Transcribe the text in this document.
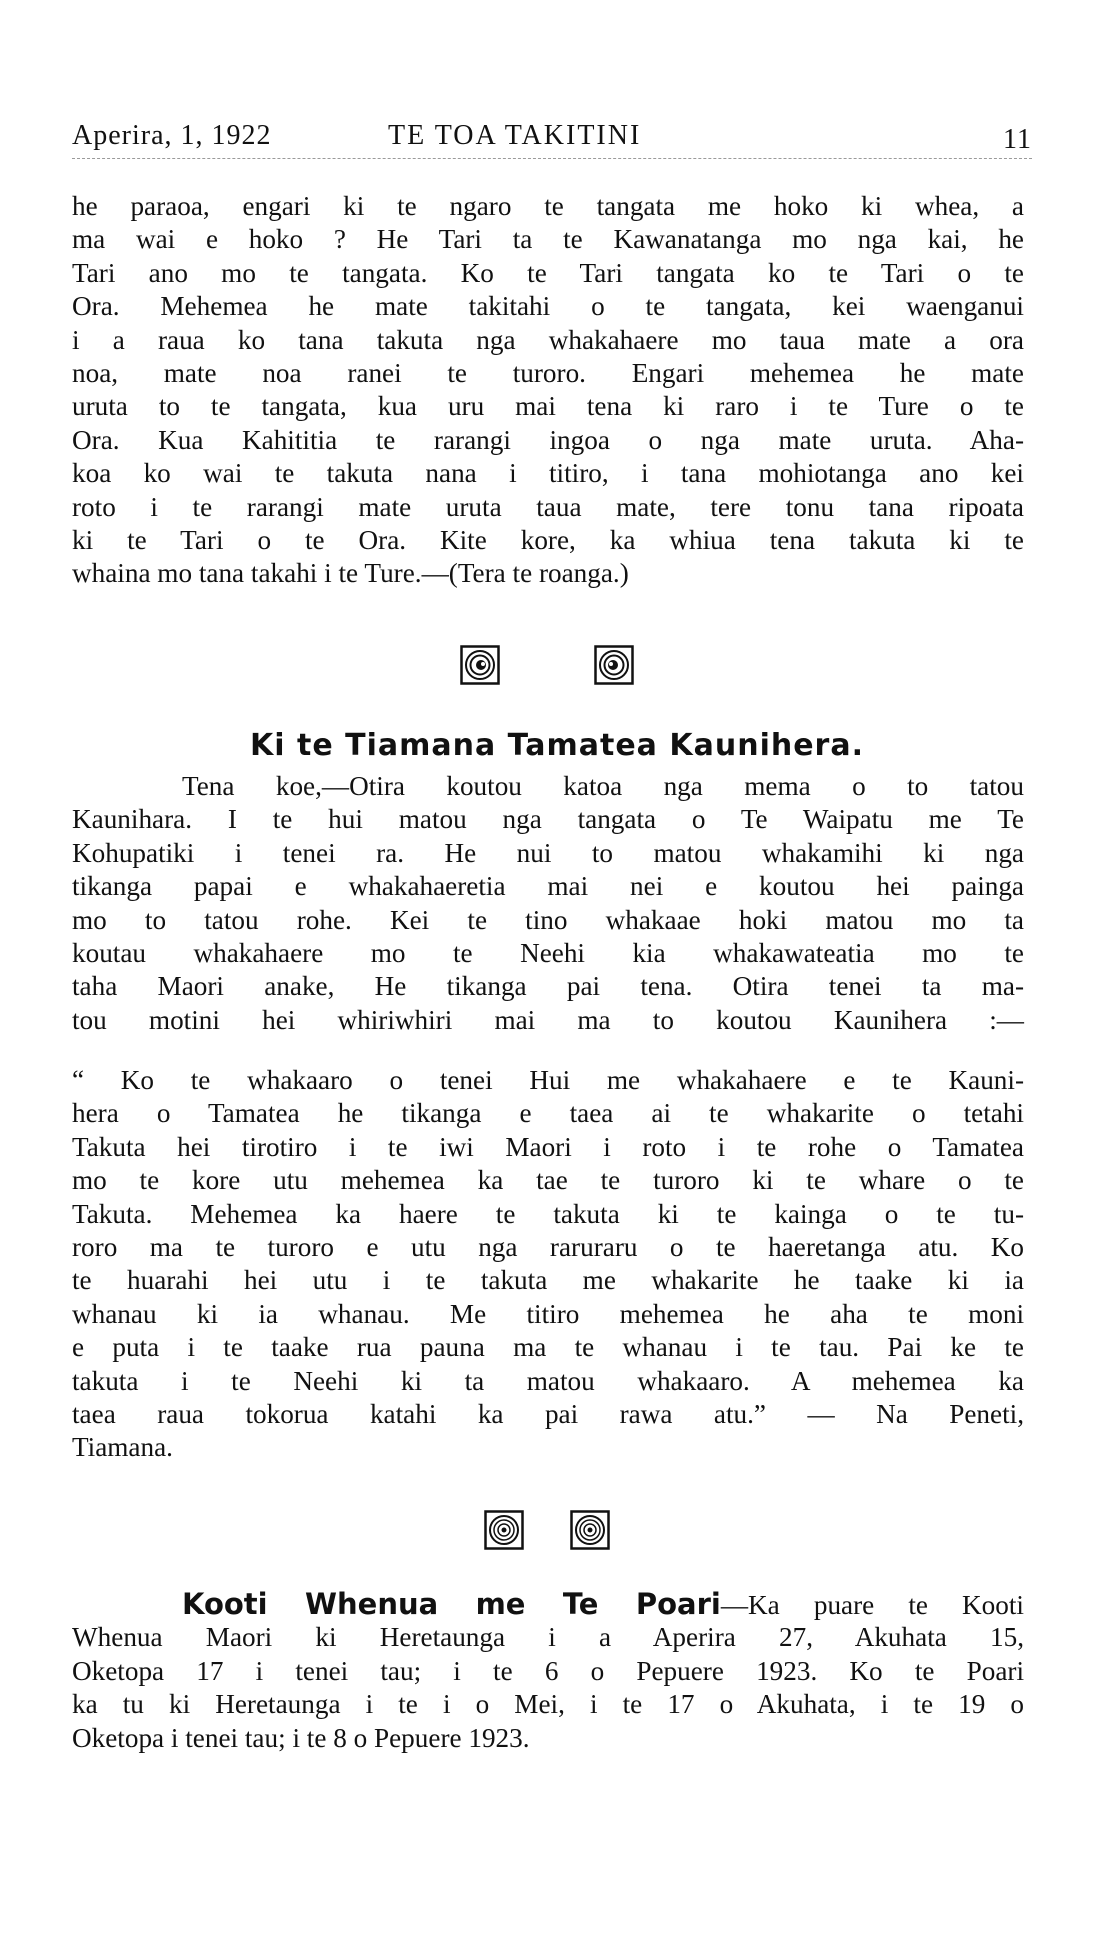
Aperira, 1, 1922	TE TOA TAKITINI	11
he paraoa, engari ki te ngaro te tangata me hoko ki whea, a
ma wai e hoko ? He Tari ta te Kawanatanga mo nga kai, he
Tari ano mo te tangata. Ko te Tari tangata ko te Tari o te
Ora. Mehemea he mate takitahi o te tangata, kei waenganui
i a raua ko tana takuta nga whakahaere mo taua mate a ora
noa, mate noa ranei te turoro. Engari mehemea he mate
uruta to te tangata, kua uru mai tena ki raro i te Ture o te
Ora. Kua Kahititia te rarangi ingoa o nga mate uruta. Aha-
koa ko wai te takuta nana i titiro, i tana mohiotanga ano kei
roto i te rarangi mate uruta taua mate, tere tonu tana ripoata
ki te Tari o te Ora. Kite kore, ka whiua tena takuta ki te
whaina mo tana takahi i te Ture.—(Tera te roanga.)
Ki te Tiamana Tamatea Kaunihera.
Tena koe,—Otira koutou katoa nga mema o to tatou
Kaunihara. I te hui matou nga tangata o Te Waipatu me Te
Kohupatiki i tenei ra. He nui to matou whakamihi ki nga
tikanga papai e whakahaeretia mai nei e koutou hei painga
mo to tatou rohe. Kei te tino whakaae hoki matou mo ta
koutau whakahaere mo te Neehi kia whakawateatia mo te
taha Maori anake, He tikanga pai tena. Otira tenei ta ma-
tou motini hei whiriwhiri mai ma to koutou Kaunihera :—
“ Ko te whakaaro o tenei Hui me whakahaere e te Kauni-
hera o Tamatea he tikanga e taea ai te whakarite o tetahi
Takuta hei tirotiro i te iwi Maori i roto i te rohe o Tamatea
mo te kore utu mehemea ka tae te turoro ki te whare o te
Takuta. Mehemea ka haere te takuta ki te kainga o te tu-
roro ma te turoro e utu nga raruraru o te haeretanga atu. Ko
te huarahi hei utu i te takuta me whakarite he taake ki ia
whanau ki ia whanau. Me titiro mehemea he aha te moni
e puta i te taake rua pauna ma te whanau i te tau. Pai ke te
takuta i te Neehi ki ta matou whakaaro. A mehemea ka
taea raua tokorua katahi ka pai rawa atu.” — Na Peneti,
Tiamana.
Kooti Whenua me Te Poari—Ka puare te Kooti
Whenua Maori ki Heretaunga i a Aperira 27, Akuhata 15,
Oketopa 17 i tenei tau; i te 6 o Pepuere 1923. Ko te Poari
ka tu ki Heretaunga i te i o Mei, i te 17 o Akuhata, i te 19 o
Oketopa i tenei tau; i te 8 o Pepuere 1923.
